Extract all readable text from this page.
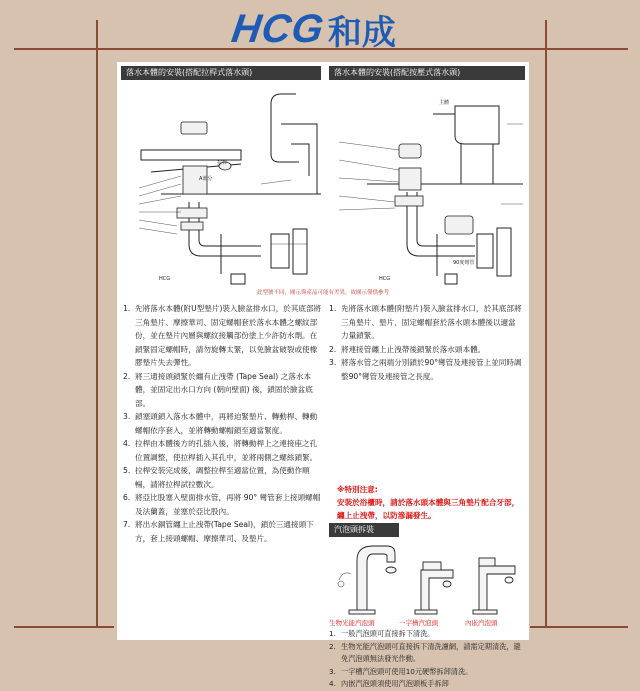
HCG 和成
落水本體的安裝(搭配拉桿式落水頭)	落水本體的安裝(搭配按壓式落水頭)
A部分
拉桿
HCG
主體
90度彎管
HCG
此型號不同，圖示與產品可能有差異，故圖示僅供參考
1. 先將落水本體(附U型墊片)裝入臉盆排水口，於其底部將三角墊片、摩擦華司、固定螺帽套於落水本體之螺紋部份，並在墊片內層與螺紋接觸部份塗上少許防水劑。在鎖緊固定螺帽時，請勿旋轉太緊，以免臉盆破裂或使橡膠墊片失去彈性。
2. 將三通接頭鎖緊於纏有止洩帶 (Tape Seal) 之落水本體，並固定出水口方向 (朝向壁面) 後，鎖固於臉盆底部。
3. 鎖塞頭鎖入落水本體中，再將迫緊墊片、轉動桿、轉動螺帽依序套入，並將轉動螺帽鎖至適當緊度。
4. 拉桿由本體後方的孔插入後，將轉動桿上之連接座之孔位置調整，使拉桿插入其孔中，並將兩側之螺絲鎖緊。
5. 拉桿安裝完成後，調整拉桿至適當位置，為使動作順暢，請將拉桿試拉數次。
6. 將亞比股塞入壁面排水管，再將 90° 彎管套上接頭螺帽及法蘭蓋，並塞於亞比股內。
7. 將出水銅管纏上止洩帶(Tape Seal)，鎖於三通接頭下方，套上接頭螺帽、摩擦華司、及墊片。
1. 先將落水頭本體(附墊片)裝入臉盆排水口，於其底部將三角墊片、墊片、固定螺帽套於落水頭本體後以適當力量鎖緊。
2. 將連接管纏上止洩帶後鎖緊於落水頭本體。
3. 將落水管之兩端分別鎖於90°彎管及連接管上並同時調整90°彎管及連接管之長度。
※特別注意:
安裝於浴櫃時，請於落水頭本體與三角墊片配合牙部，纏上止洩帶，以防滲漏發生。
汽泡頭拆裝
生物光能汽泡頭	一字槽汽泡頭	內嵌汽泡頭
1. 一般汽泡頭可直接拆下清洗。
2. 生物光能汽泡頭可直接拆下清洗濾網，請需定期清洗，避免汽泡頭無法發光作動。
3. 一字槽汽泡頭可使用10元硬幣拆卸清洗。
4. 內嵌汽泡頭須使用汽泡頭板手拆卸
